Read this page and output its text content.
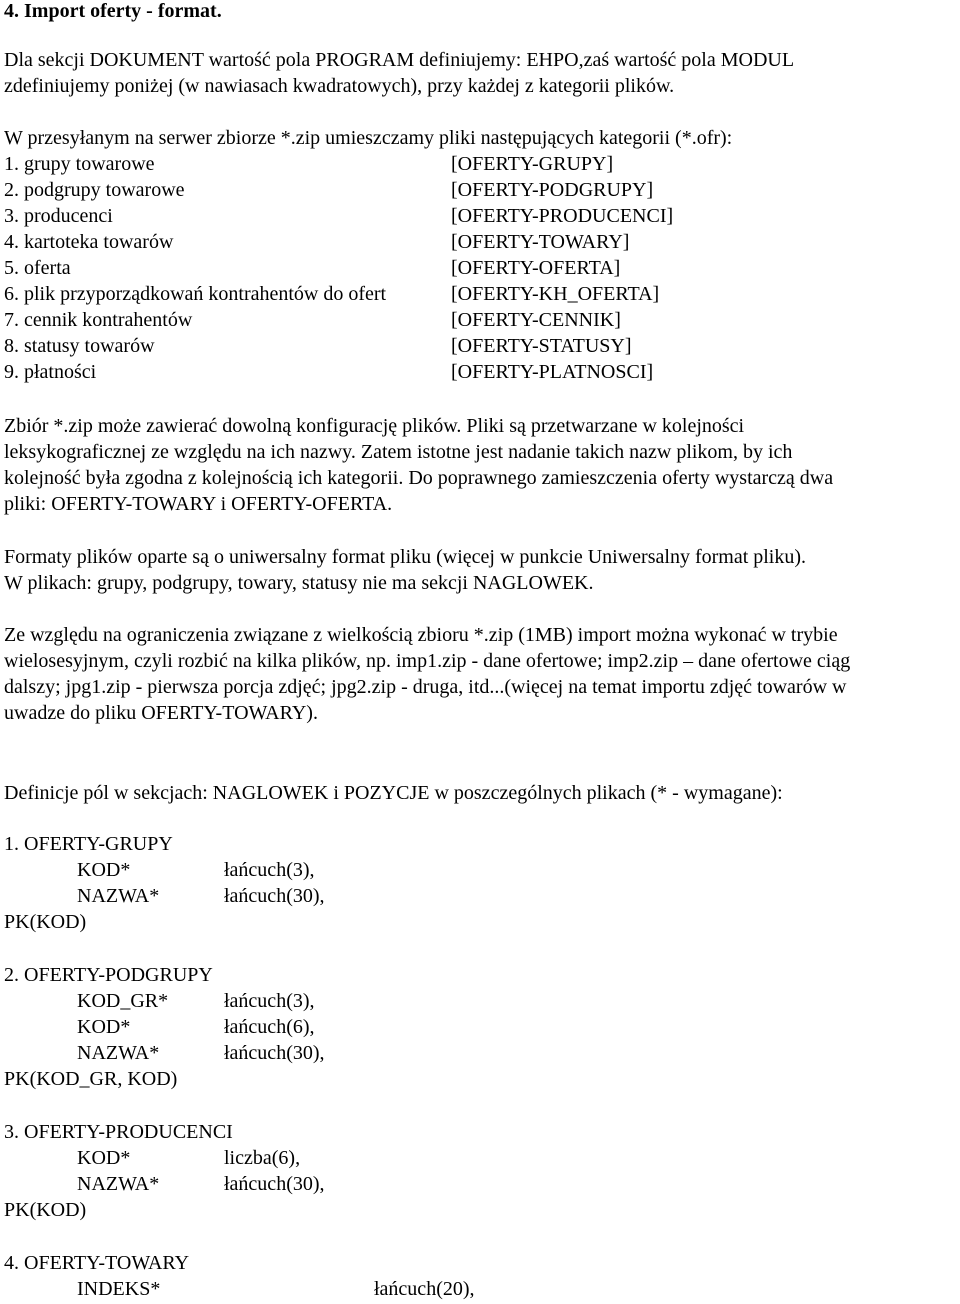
4. Import oferty - format.
Dla sekcji DOKUMENT wartość pola PROGRAM definiujemy: EHPO,zaś wartość pola MODUL
zdefiniujemy poniżej (w nawiasach kwadratowych), przy każdej z kategorii plików.
W przesyłanym na serwer zbiorze *.zip umieszczamy pliki następujących kategorii (*.ofr):
1. grupy towarowe	[OFERTY-GRUPY]
2. podgrupy towarowe	[OFERTY-PODGRUPY]
3. producenci	[OFERTY-PRODUCENCI]
4. kartoteka towarów	[OFERTY-TOWARY]
5. oferta	[OFERTY-OFERTA]
6. plik przyporządkowań kontrahentów do ofert	[OFERTY-KH_OFERTA]
7. cennik kontrahentów	[OFERTY-CENNIK]
8. statusy towarów	[OFERTY-STATUSY]
9. płatności	[OFERTY-PLATNOSCI]
Zbiór *.zip może zawierać dowolną konfigurację plików. Pliki są przetwarzane w kolejności
leksykograficznej ze względu na ich nazwy. Zatem istotne jest nadanie takich nazw plikom, by ich
kolejność była zgodna z kolejnością ich kategorii. Do poprawnego zamieszczenia oferty wystarczą dwa
pliki: OFERTY-TOWARY i OFERTY-OFERTA.
Formaty plików oparte są o uniwersalny format pliku (więcej w punkcie Uniwersalny format pliku).
W plikach: grupy, podgrupy, towary, statusy nie ma sekcji NAGLOWEK.
Ze względu na ograniczenia związane z wielkością zbioru *.zip (1MB) import można wykonać w trybie
wielosesyjnym, czyli rozbić na kilka plików, np. imp1.zip - dane ofertowe; imp2.zip – dane ofertowe ciąg
dalszy; jpg1.zip - pierwsza porcja zdjęć; jpg2.zip - druga, itd...(więcej na temat importu zdjęć towarów w
uwadze do pliku OFERTY-TOWARY).
Definicje pól w sekcjach: NAGLOWEK i POZYCJE w poszczególnych plikach (* - wymagane):
1. OFERTY-GRUPY
KOD*	łańcuch(3),
NAZWA*	łańcuch(30),
PK(KOD)
2. OFERTY-PODGRUPY
KOD_GR*	łańcuch(3),
KOD*	łańcuch(6),
NAZWA*	łańcuch(30),
PK(KOD_GR, KOD)
3. OFERTY-PRODUCENCI
KOD*	liczba(6),
NAZWA*	łańcuch(30),
PK(KOD)
4. OFERTY-TOWARY
INDEKS*	łańcuch(20),
